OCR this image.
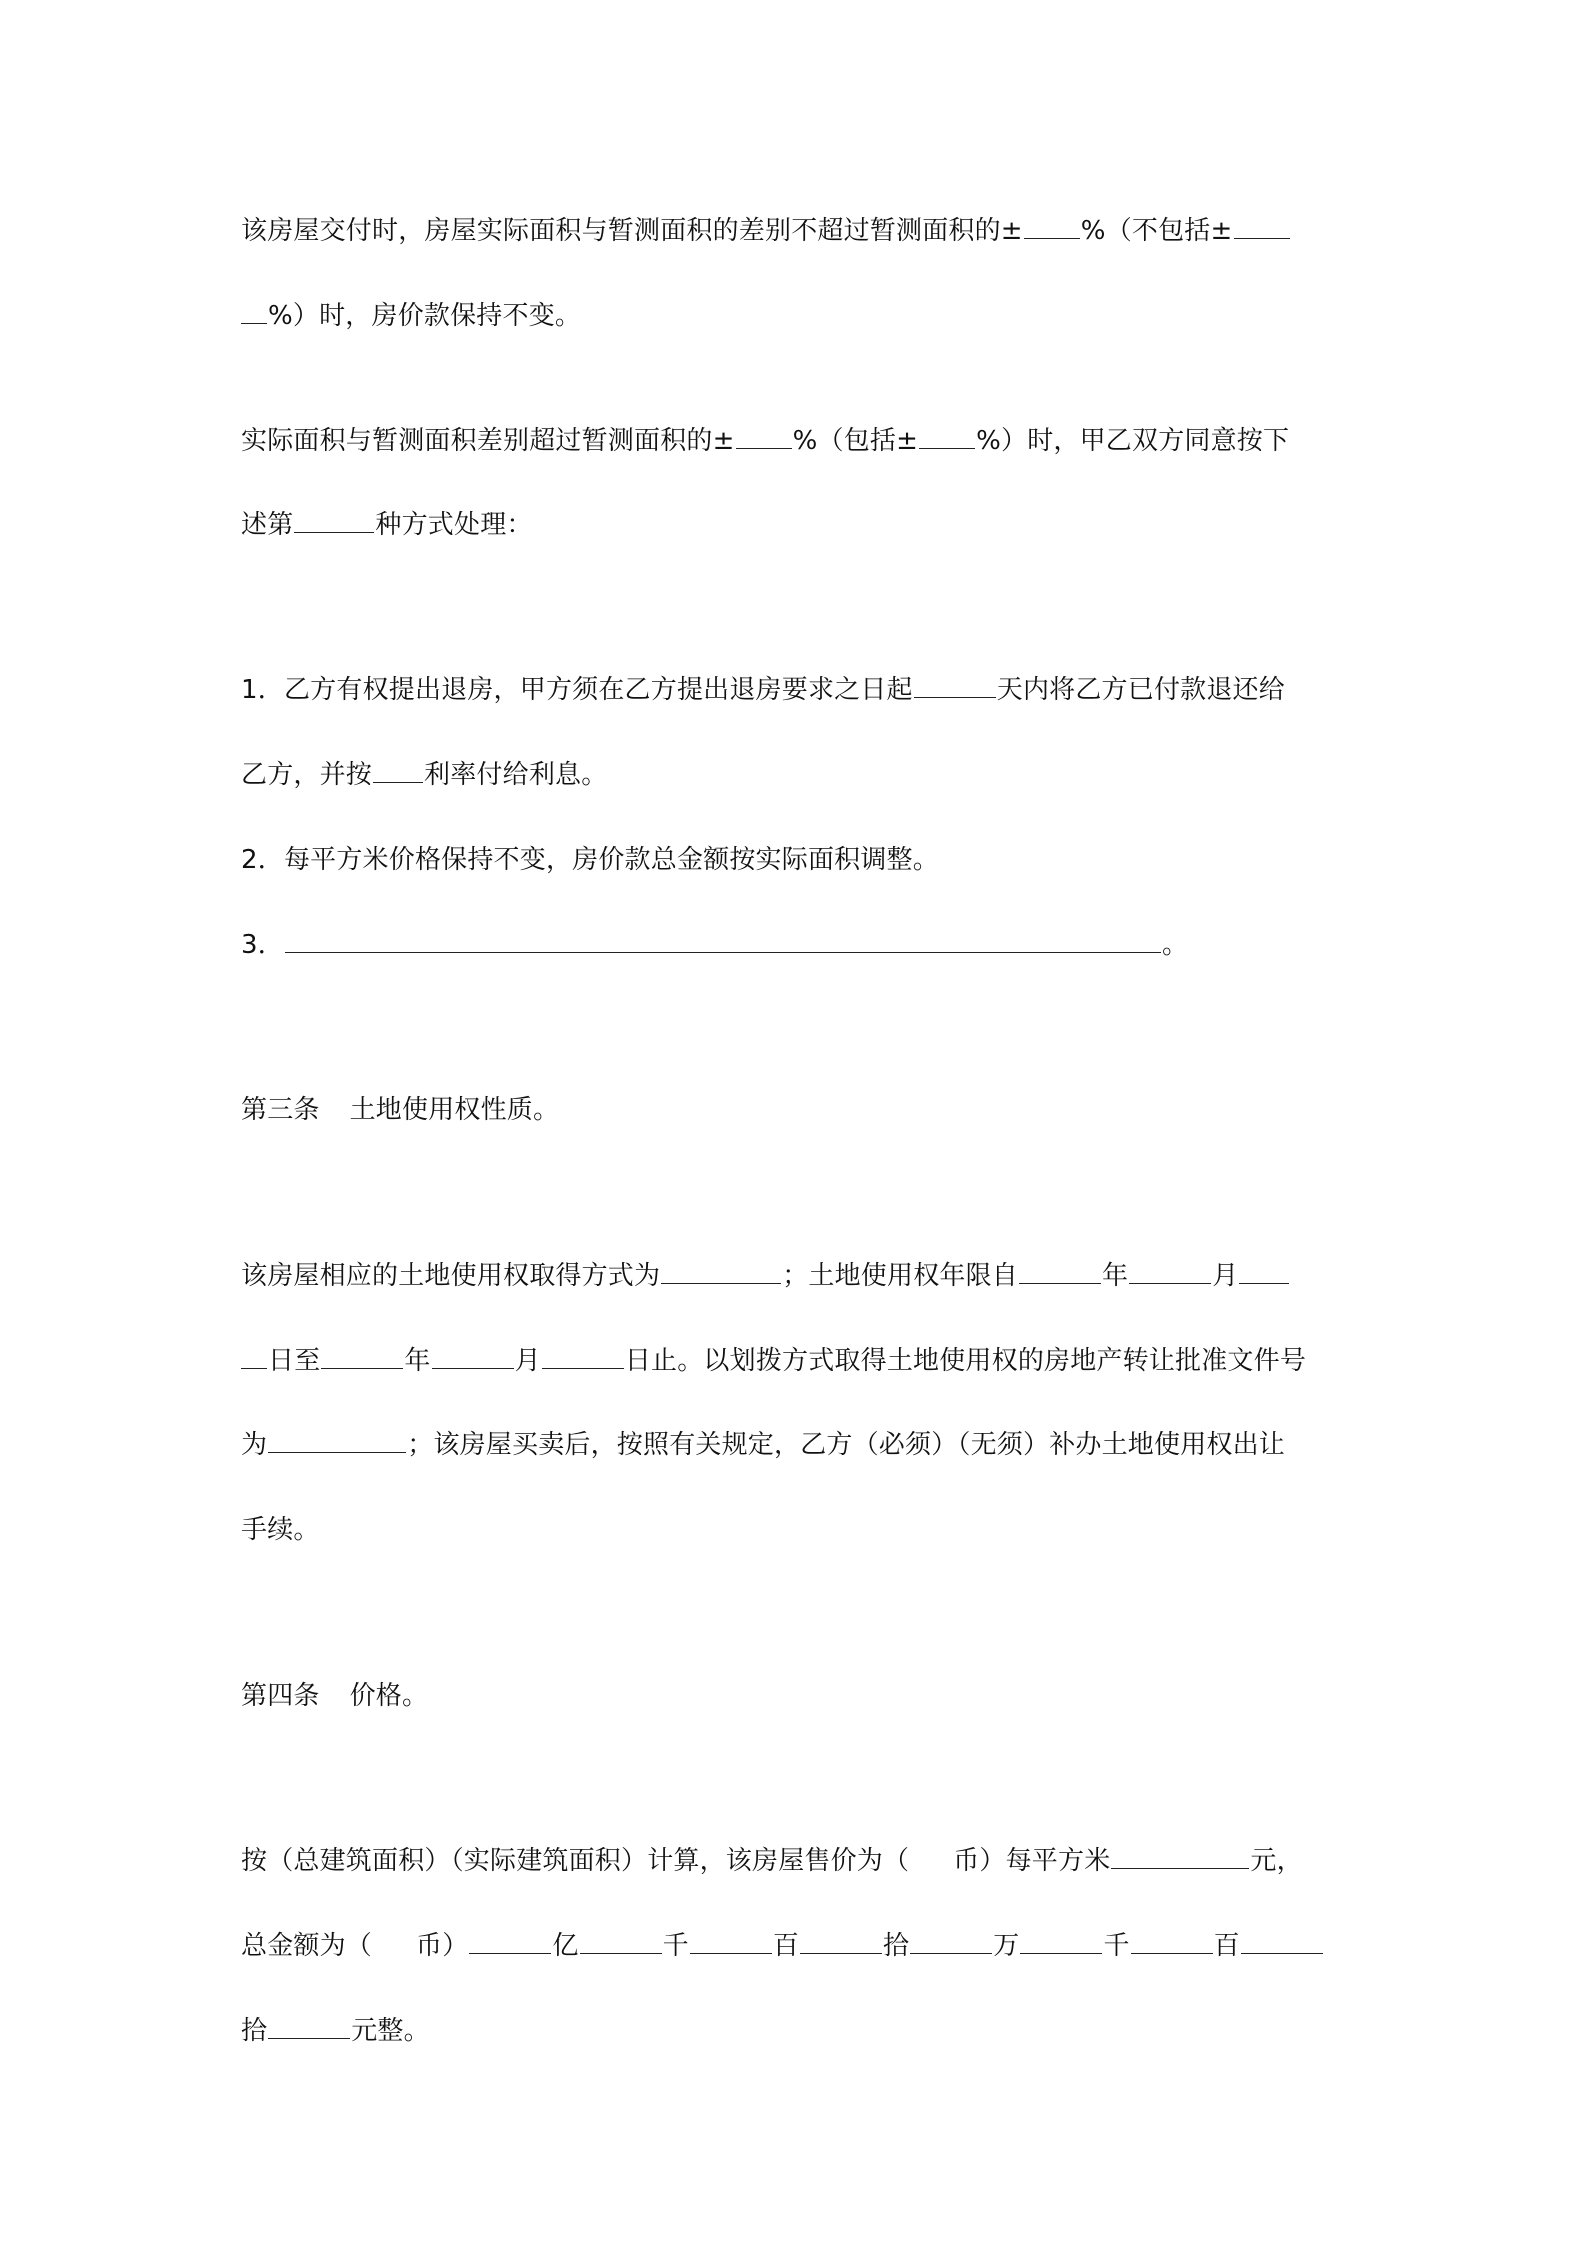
该房屋交付时，房屋实际面积与暂测面积的差别不超过暂测面积的± %（不包括±
%）时，房价款保持不变。
实际面积与暂测面积差别超过暂测面积的± %（包括± %）时，甲乙双方同意按下
述第	种方式处理：
1．乙方有权提出退房，甲方须在乙方提出退房要求之日起	天内将乙方已付款退还给
乙方，并按 利率付给利息。
2．每平方米价格保持不变，房价款总金额按实际面积调整。
3．	。
第三条 土地使用权性质。
该房屋相应的土地使用权取得方式为	；土地使用权年限自	年	月
日至	年	月	日止。以划拨方式取得土地使用权的房地产转让批准文件号
为	；该房屋买卖后，按照有关规定，乙方（必须）（无须）补办土地使用权出让
手续。
第四条 价格。
按（总建筑面积）（实际建筑面积）计算，该房屋售价为（ 币）每平方米	元，
总金额为（ 币）	亿	千	百	拾	万	千	百
拾	元整。
